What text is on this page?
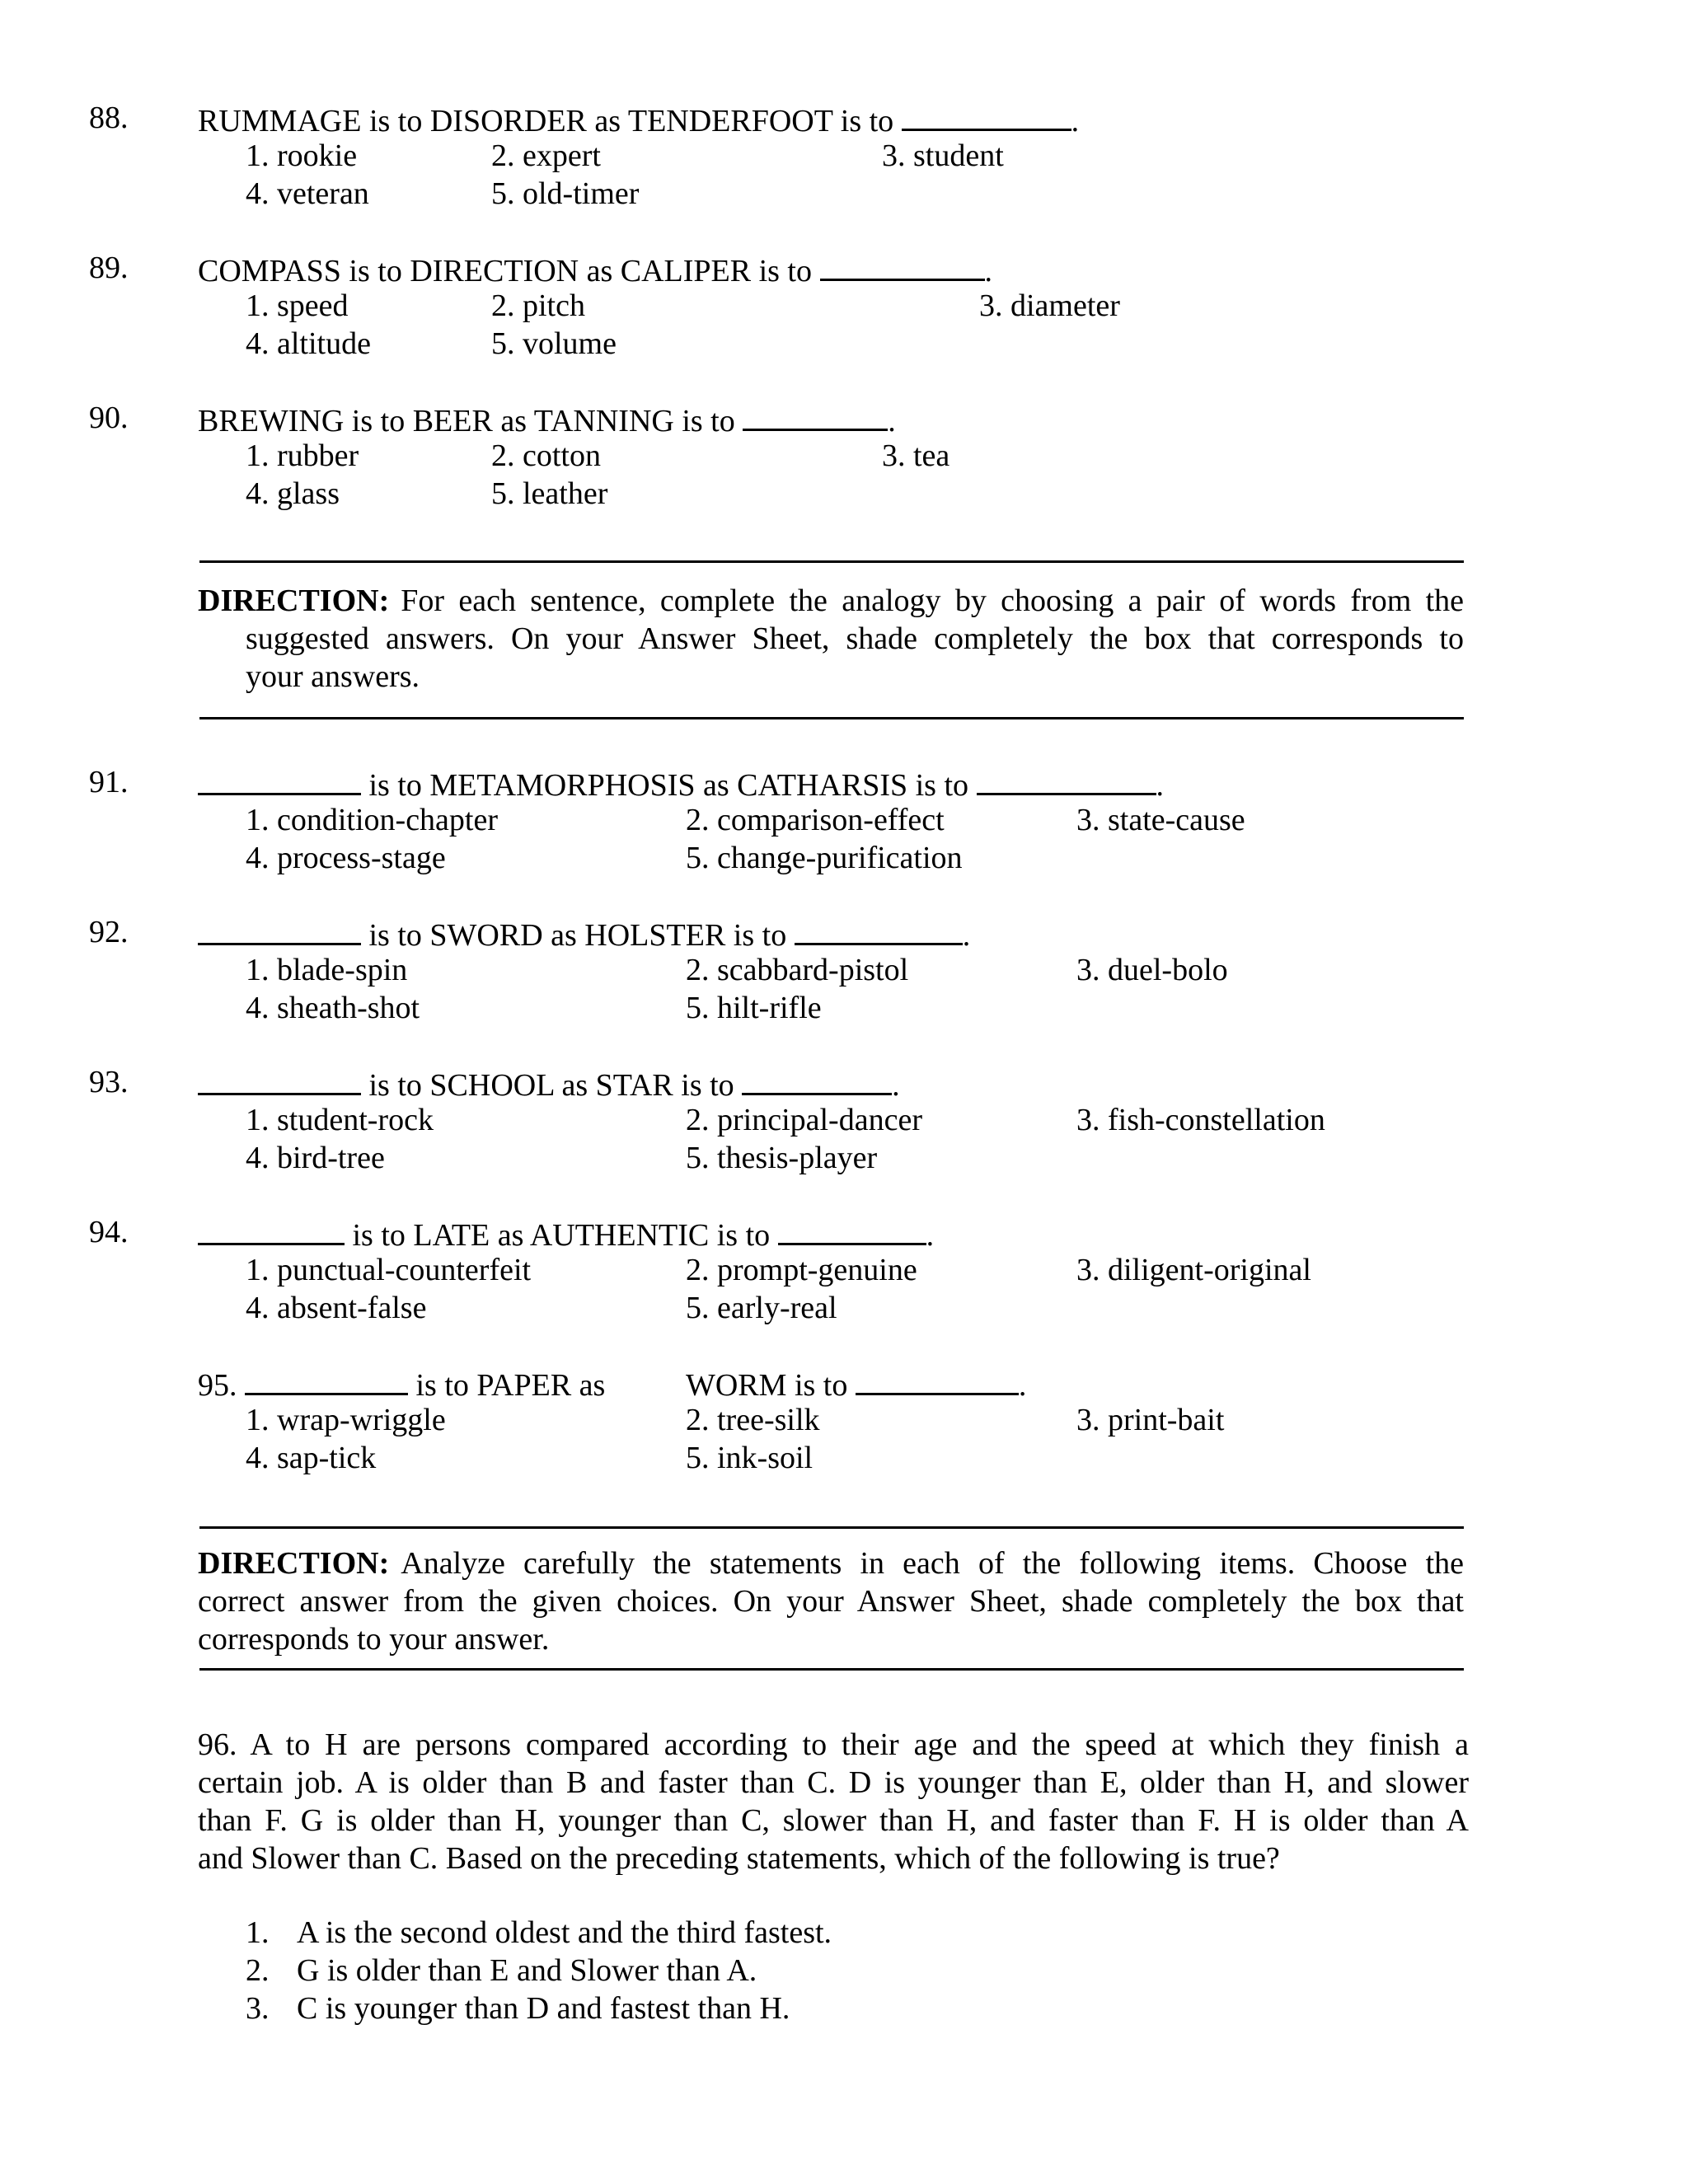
88. RUMMAGE is to DISORDER as TENDERFOOT is to	.
1. rookie	2. expert	3. student
4. veteran	5. old-timer
89. COMPASS is to DIRECTION as CALIPER is to	.
1. speed	2. pitch	3. diameter
4. altitude	5. volume
90. BREWING is to BEER as TANNING is to	.
1. rubber	2. cotton	3. tea
4. glass	5. leather
DIRECTION: For each sentence, complete the analogy by choosing a pair of words from the
suggested answers. On your Answer Sheet, shade completely the box that corresponds to
your answers.
91.	is to METAMORPHOSIS as CATHARSIS is to	.
1. condition-chapter	2. comparison-effect	3. state-cause
4. process-stage	5. change-purification
92.	is to SWORD as HOLSTER is to	.
1. blade-spin	2. scabbard-pistol	3. duel-bolo
4. sheath-shot	5. hilt-rifle
93.	is to SCHOOL as STAR is to	.
1. student-rock	2. principal-dancer	3. fish-constellation
4. bird-tree	5. thesis-player
94.	is to LATE as AUTHENTIC is to	.
1. punctual-counterfeit	2. prompt-genuine	3. diligent-original
4. absent-false	5. early-real
95.	is to PAPER as	WORM is to	.
1. wrap-wriggle	2. tree-silk	3. print-bait
4. sap-tick	5. ink-soil
DIRECTION: Analyze carefully the statements in each of the following items. Choose the
correct answer from the given choices. On your Answer Sheet, shade completely the box that
corresponds to your answer.
96. A to H are persons compared according to their age and the speed at which they finish a
certain job. A is older than B and faster than C. D is younger than E, older than H, and slower
than F. G is older than H, younger than C, slower than H, and faster than F. H is older than A
and Slower than C. Based on the preceding statements, which of the following is true?
1. A is the second oldest and the third fastest.
2. G is older than E and Slower than A.
3. C is younger than D and fastest than H.
